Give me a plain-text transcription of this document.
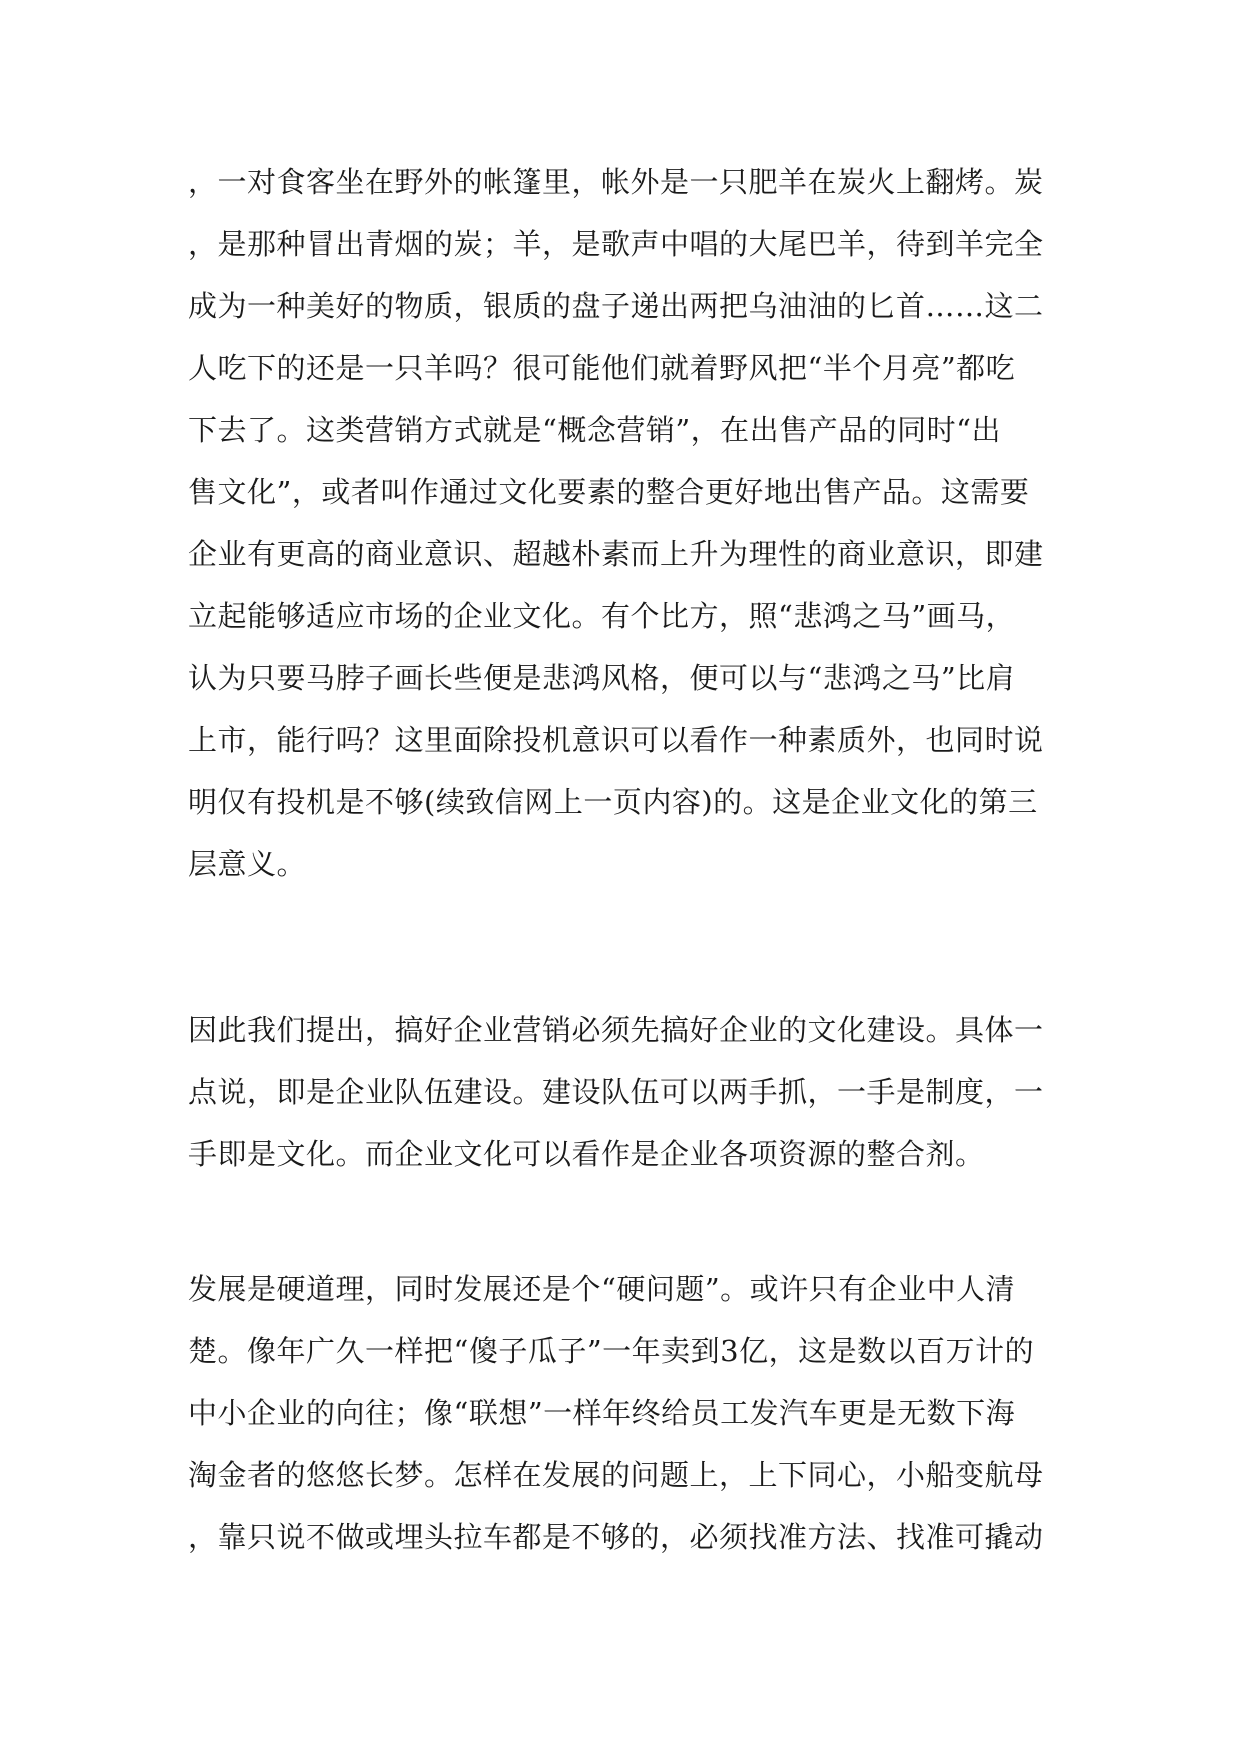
，一对食客坐在野外的帐篷里，帐外是一只肥羊在炭火上翻烤。炭
，是那种冒出青烟的炭；羊，是歌声中唱的大尾巴羊，待到羊完全
成为一种美好的物质，银质的盘子递出两把乌油油的匕首……这二
人吃下的还是一只羊吗？很可能他们就着野风把“半个月亮”都吃
下去了。这类营销方式就是“概念营销”，在出售产品的同时“出
售文化”，或者叫作通过文化要素的整合更好地出售产品。这需要
企业有更高的商业意识、超越朴素而上升为理性的商业意识，即建
立起能够适应市场的企业文化。有个比方，照“悲鸿之马”画马，
认为只要马脖子画长些便是悲鸿风格，便可以与“悲鸿之马”比肩
上市，能行吗？这里面除投机意识可以看作一种素质外，也同时说
明仅有投机是不够(续致信网上一页内容)的。这是企业文化的第三
层意义。
因此我们提出，搞好企业营销必须先搞好企业的文化建设。具体一
点说，即是企业队伍建设。建设队伍可以两手抓，一手是制度，一
手即是文化。而企业文化可以看作是企业各项资源的整合剂。
发展是硬道理，同时发展还是个“硬问题”。或许只有企业中人清
楚。像年广久一样把“傻子瓜子”一年卖到3亿，这是数以百万计的
中小企业的向往；像“联想”一样年终给员工发汽车更是无数下海
淘金者的悠悠长梦。怎样在发展的问题上，上下同心，小船变航母
，靠只说不做或埋头拉车都是不够的，必须找准方法、找准可撬动
